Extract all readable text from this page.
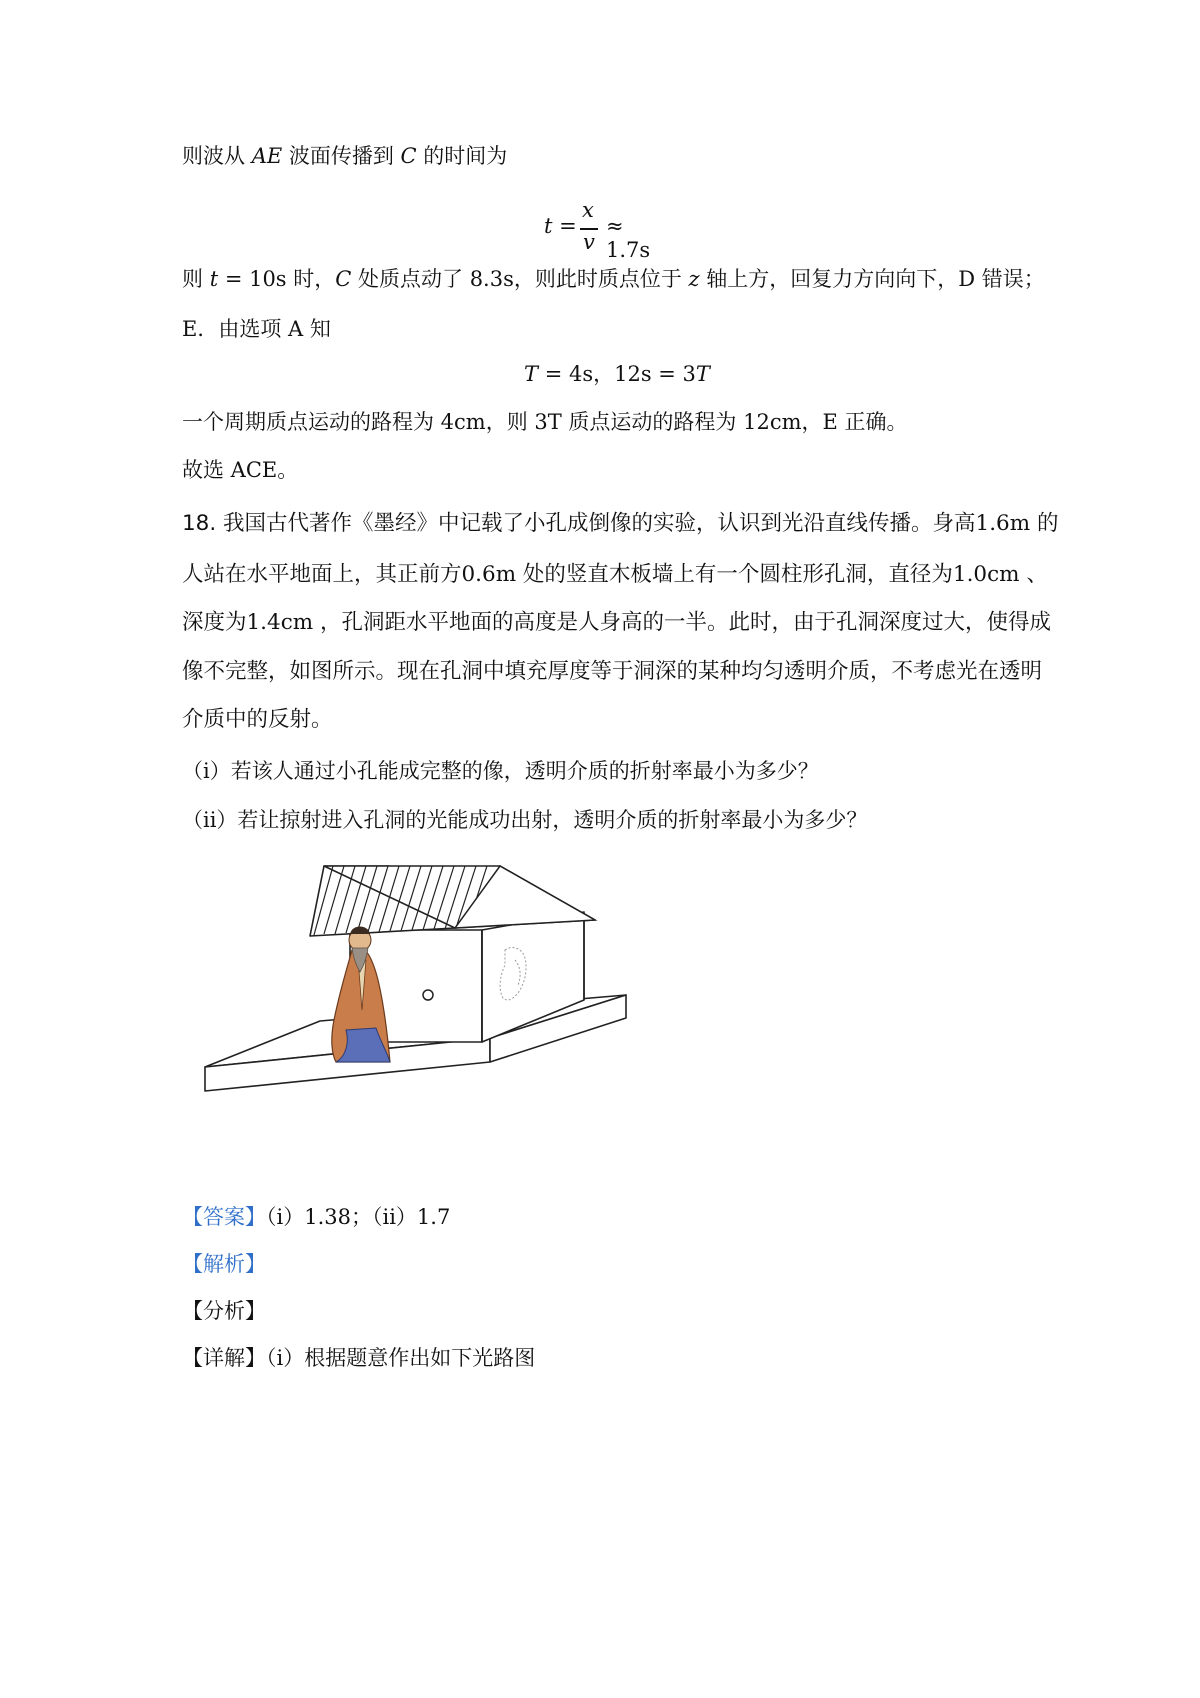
则波从 AE 波面传播到 C 的时间为
t =
x
v
≈ 1.7s
则 t = 10s 时，C 处质点动了 8.3s，则此时质点位于 z 轴上方，回复力方向向下，D 错误；
E．由选项 A 知
T = 4s，12s = 3T
一个周期质点运动的路程为 4cm，则 3T 质点运动的路程为 12cm，E 正确。
故选 ACE。
18. 我国古代著作《墨经》中记载了小孔成倒像的实验，认识到光沿直线传播。身高1.6m 的
人站在水平地面上，其正前方0.6m 处的竖直木板墙上有一个圆柱形孔洞，直径为1.0cm 、
深度为1.4cm ，孔洞距水平地面的高度是人身高的一半。此时，由于孔洞深度过大，使得成
像不完整，如图所示。现在孔洞中填充厚度等于洞深的某种均匀透明介质，不考虑光在透明
介质中的反射。
（i）若该人通过小孔能成完整的像，透明介质的折射率最小为多少？
（ii）若让掠射进入孔洞的光能成功出射，透明介质的折射率最小为多少？
【答案】（i）1.38；（ii）1.7
【解析】
【分析】
【详解】（i）根据题意作出如下光路图
